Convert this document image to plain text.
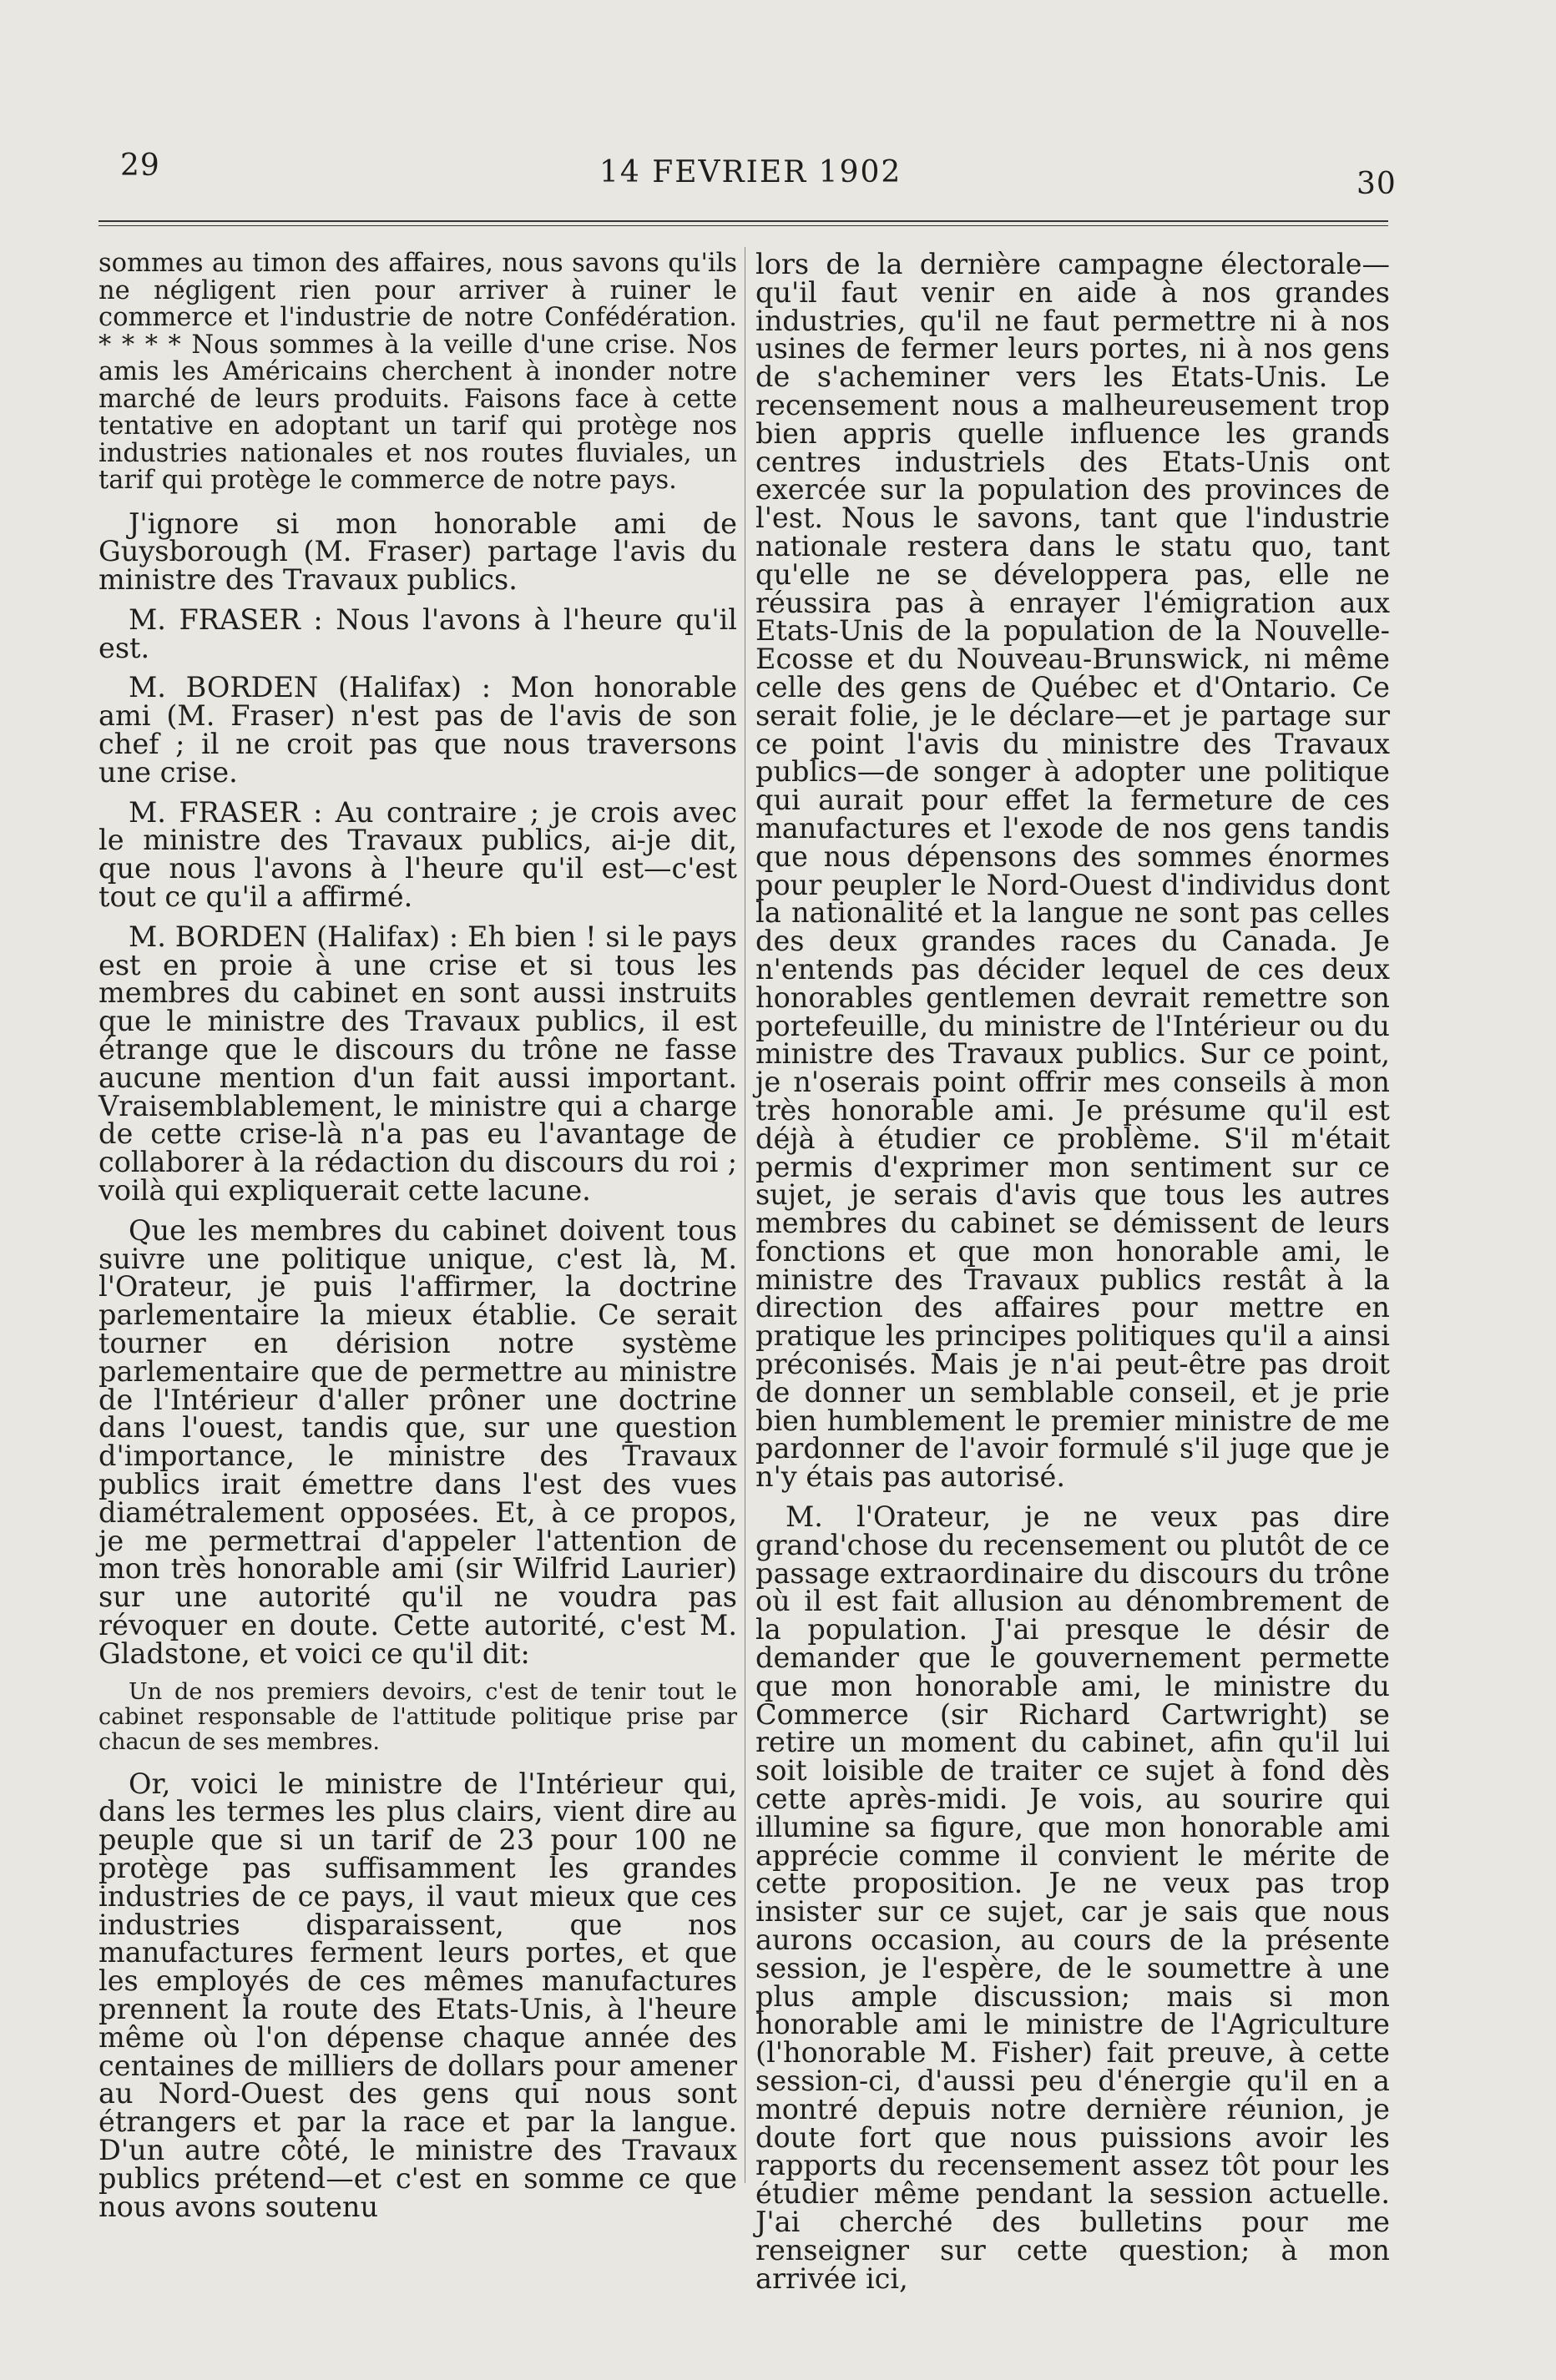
29	14 FEVRIER 1902	30

sommes au timon des affaires, nous savons qu'ils ne négligent rien pour arriver à ruiner le commerce et l'industrie de notre Confédération. * * * * Nous sommes à la veille d'une crise. Nos amis les Américains cherchent à inonder notre marché de leurs produits. Faisons face à cette tentative en adoptant un tarif qui protège nos industries nationales et nos routes fluviales, un tarif qui protège le commerce de notre pays.

J'ignore si mon honorable ami de Guysborough (M. Fraser) partage l'avis du ministre des Travaux publics.

M. FRASER : Nous l'avons à l'heure qu'il est.

M. BORDEN (Halifax) : Mon honorable ami (M. Fraser) n'est pas de l'avis de son chef ; il ne croit pas que nous traversons une crise.

M. FRASER : Au contraire ; je crois avec le ministre des Travaux publics, ai-je dit, que nous l'avons à l'heure qu'il est—c'est tout ce qu'il a affirmé.

M. BORDEN (Halifax) : Eh bien ! si le pays est en proie à une crise et si tous les membres du cabinet en sont aussi instruits que le ministre des Travaux publics, il est étrange que le discours du trône ne fasse aucune mention d'un fait aussi important. Vraisemblablement, le ministre qui a charge de cette crise-là n'a pas eu l'avantage de collaborer à la rédaction du discours du roi ; voilà qui expliquerait cette lacune.

Que les membres du cabinet doivent tous suivre une politique unique, c'est là, M. l'Orateur, je puis l'affirmer, la doctrine parlementaire la mieux établie. Ce serait tourner en dérision notre système parlementaire que de permettre au ministre de l'Intérieur d'aller prôner une doctrine dans l'ouest, tandis que, sur une question d'importance, le ministre des Travaux publics irait émettre dans l'est des vues diamétralement opposées. Et, à ce propos, je me permettrai d'appeler l'attention de mon très honorable ami (sir Wilfrid Laurier) sur une autorité qu'il ne voudra pas révoquer en doute. Cette autorité, c'est M. Gladstone, et voici ce qu'il dit:

Un de nos premiers devoirs, c'est de tenir tout le cabinet responsable de l'attitude politique prise par chacun de ses membres.

Or, voici le ministre de l'Intérieur qui, dans les termes les plus clairs, vient dire au peuple que si un tarif de 23 pour 100 ne protège pas suffisamment les grandes industries de ce pays, il vaut mieux que ces industries disparaissent, que nos manufactures ferment leurs portes, et que les employés de ces mêmes manufactures prennent la route des Etats-Unis, à l'heure même où l'on dépense chaque année des centaines de milliers de dollars pour amener au Nord-Ouest des gens qui nous sont étrangers et par la race et par la langue. D'un autre côté, le ministre des Travaux publics prétend—et c'est en somme ce que nous avons soutenu

lors de la dernière campagne électorale—qu'il faut venir en aide à nos grandes industries, qu'il ne faut permettre ni à nos usines de fermer leurs portes, ni à nos gens de s'acheminer vers les Etats-Unis. Le recensement nous a malheureusement trop bien appris quelle influence les grands centres industriels des Etats-Unis ont exercée sur la population des provinces de l'est. Nous le savons, tant que l'industrie nationale restera dans le statu quo, tant qu'elle ne se développera pas, elle ne réussira pas à enrayer l'émigration aux Etats-Unis de la population de la Nouvelle-Ecosse et du Nouveau-Brunswick, ni même celle des gens de Québec et d'Ontario. Ce serait folie, je le déclare—et je partage sur ce point l'avis du ministre des Travaux publics—de songer à adopter une politique qui aurait pour effet la fermeture de ces manufactures et l'exode de nos gens tandis que nous dépensons des sommes énormes pour peupler le Nord-Ouest d'individus dont la nationalité et la langue ne sont pas celles des deux grandes races du Canada. Je n'entends pas décider lequel de ces deux honorables gentlemen devrait remettre son portefeuille, du ministre de l'Intérieur ou du ministre des Travaux publics. Sur ce point, je n'oserais point offrir mes conseils à mon très honorable ami. Je présume qu'il est déjà à étudier ce problème. S'il m'était permis d'exprimer mon sentiment sur ce sujet, je serais d'avis que tous les autres membres du cabinet se démissent de leurs fonctions et que mon honorable ami, le ministre des Travaux publics restât à la direction des affaires pour mettre en pratique les principes politiques qu'il a ainsi préconisés. Mais je n'ai peut-être pas droit de donner un semblable conseil, et je prie bien humblement le premier ministre de me pardonner de l'avoir formulé s'il juge que je n'y étais pas autorisé.

M. l'Orateur, je ne veux pas dire grand'chose du recensement ou plutôt de ce passage extraordinaire du discours du trône où il est fait allusion au dénombrement de la population. J'ai presque le désir de demander que le gouvernement permette que mon honorable ami, le ministre du Commerce (sir Richard Cartwright) se retire un moment du cabinet, afin qu'il lui soit loisible de traiter ce sujet à fond dès cette après-midi. Je vois, au sourire qui illumine sa figure, que mon honorable ami apprécie comme il convient le mérite de cette proposition. Je ne veux pas trop insister sur ce sujet, car je sais que nous aurons occasion, au cours de la présente session, je l'espère, de le soumettre à une plus ample discussion; mais si mon honorable ami le ministre de l'Agriculture (l'honorable M. Fisher) fait preuve, à cette session-ci, d'aussi peu d'énergie qu'il en a montré depuis notre dernière réunion, je doute fort que nous puissions avoir les rapports du recensement assez tôt pour les étudier même pendant la session actuelle. J'ai cherché des bulletins pour me renseigner sur cette question; à mon arrivée ici,
